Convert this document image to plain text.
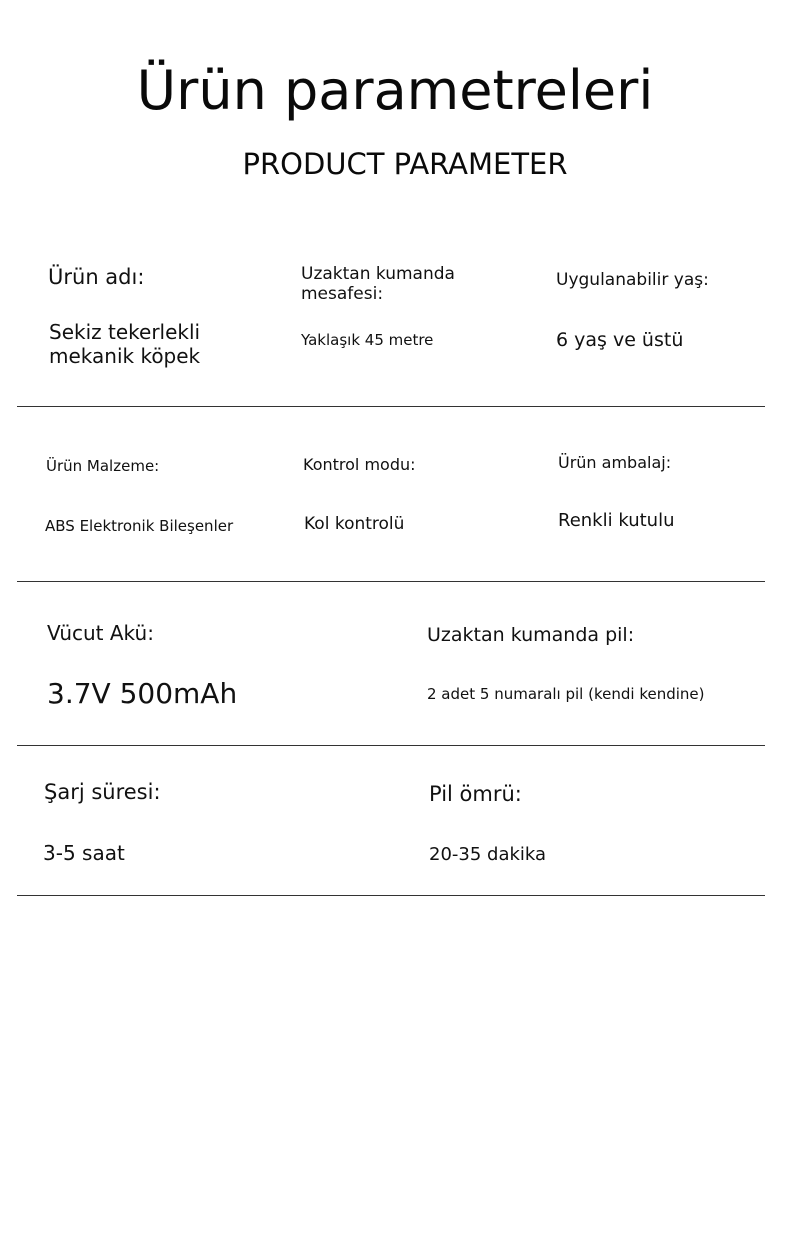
Ürün parametreleri
PRODUCT PARAMETER
Ürün adı:
Sekiz tekerlekli mekanik köpek
Uzaktan kumanda mesafesi:
Yaklaşık 45 metre
Uygulanabilir yaş:
6 yaş ve üstü
Ürün Malzeme:
ABS Elektronik Bileşenler
Kontrol modu:
Kol kontrolü
Ürün ambalaj:
Renkli kutulu
Vücut Akü:
3.7V 500mAh
Uzaktan kumanda pil:
2 adet 5 numaralı pil (kendi kendine)
Şarj süresi:
3-5 saat
Pil ömrü:
20-35 dakika
